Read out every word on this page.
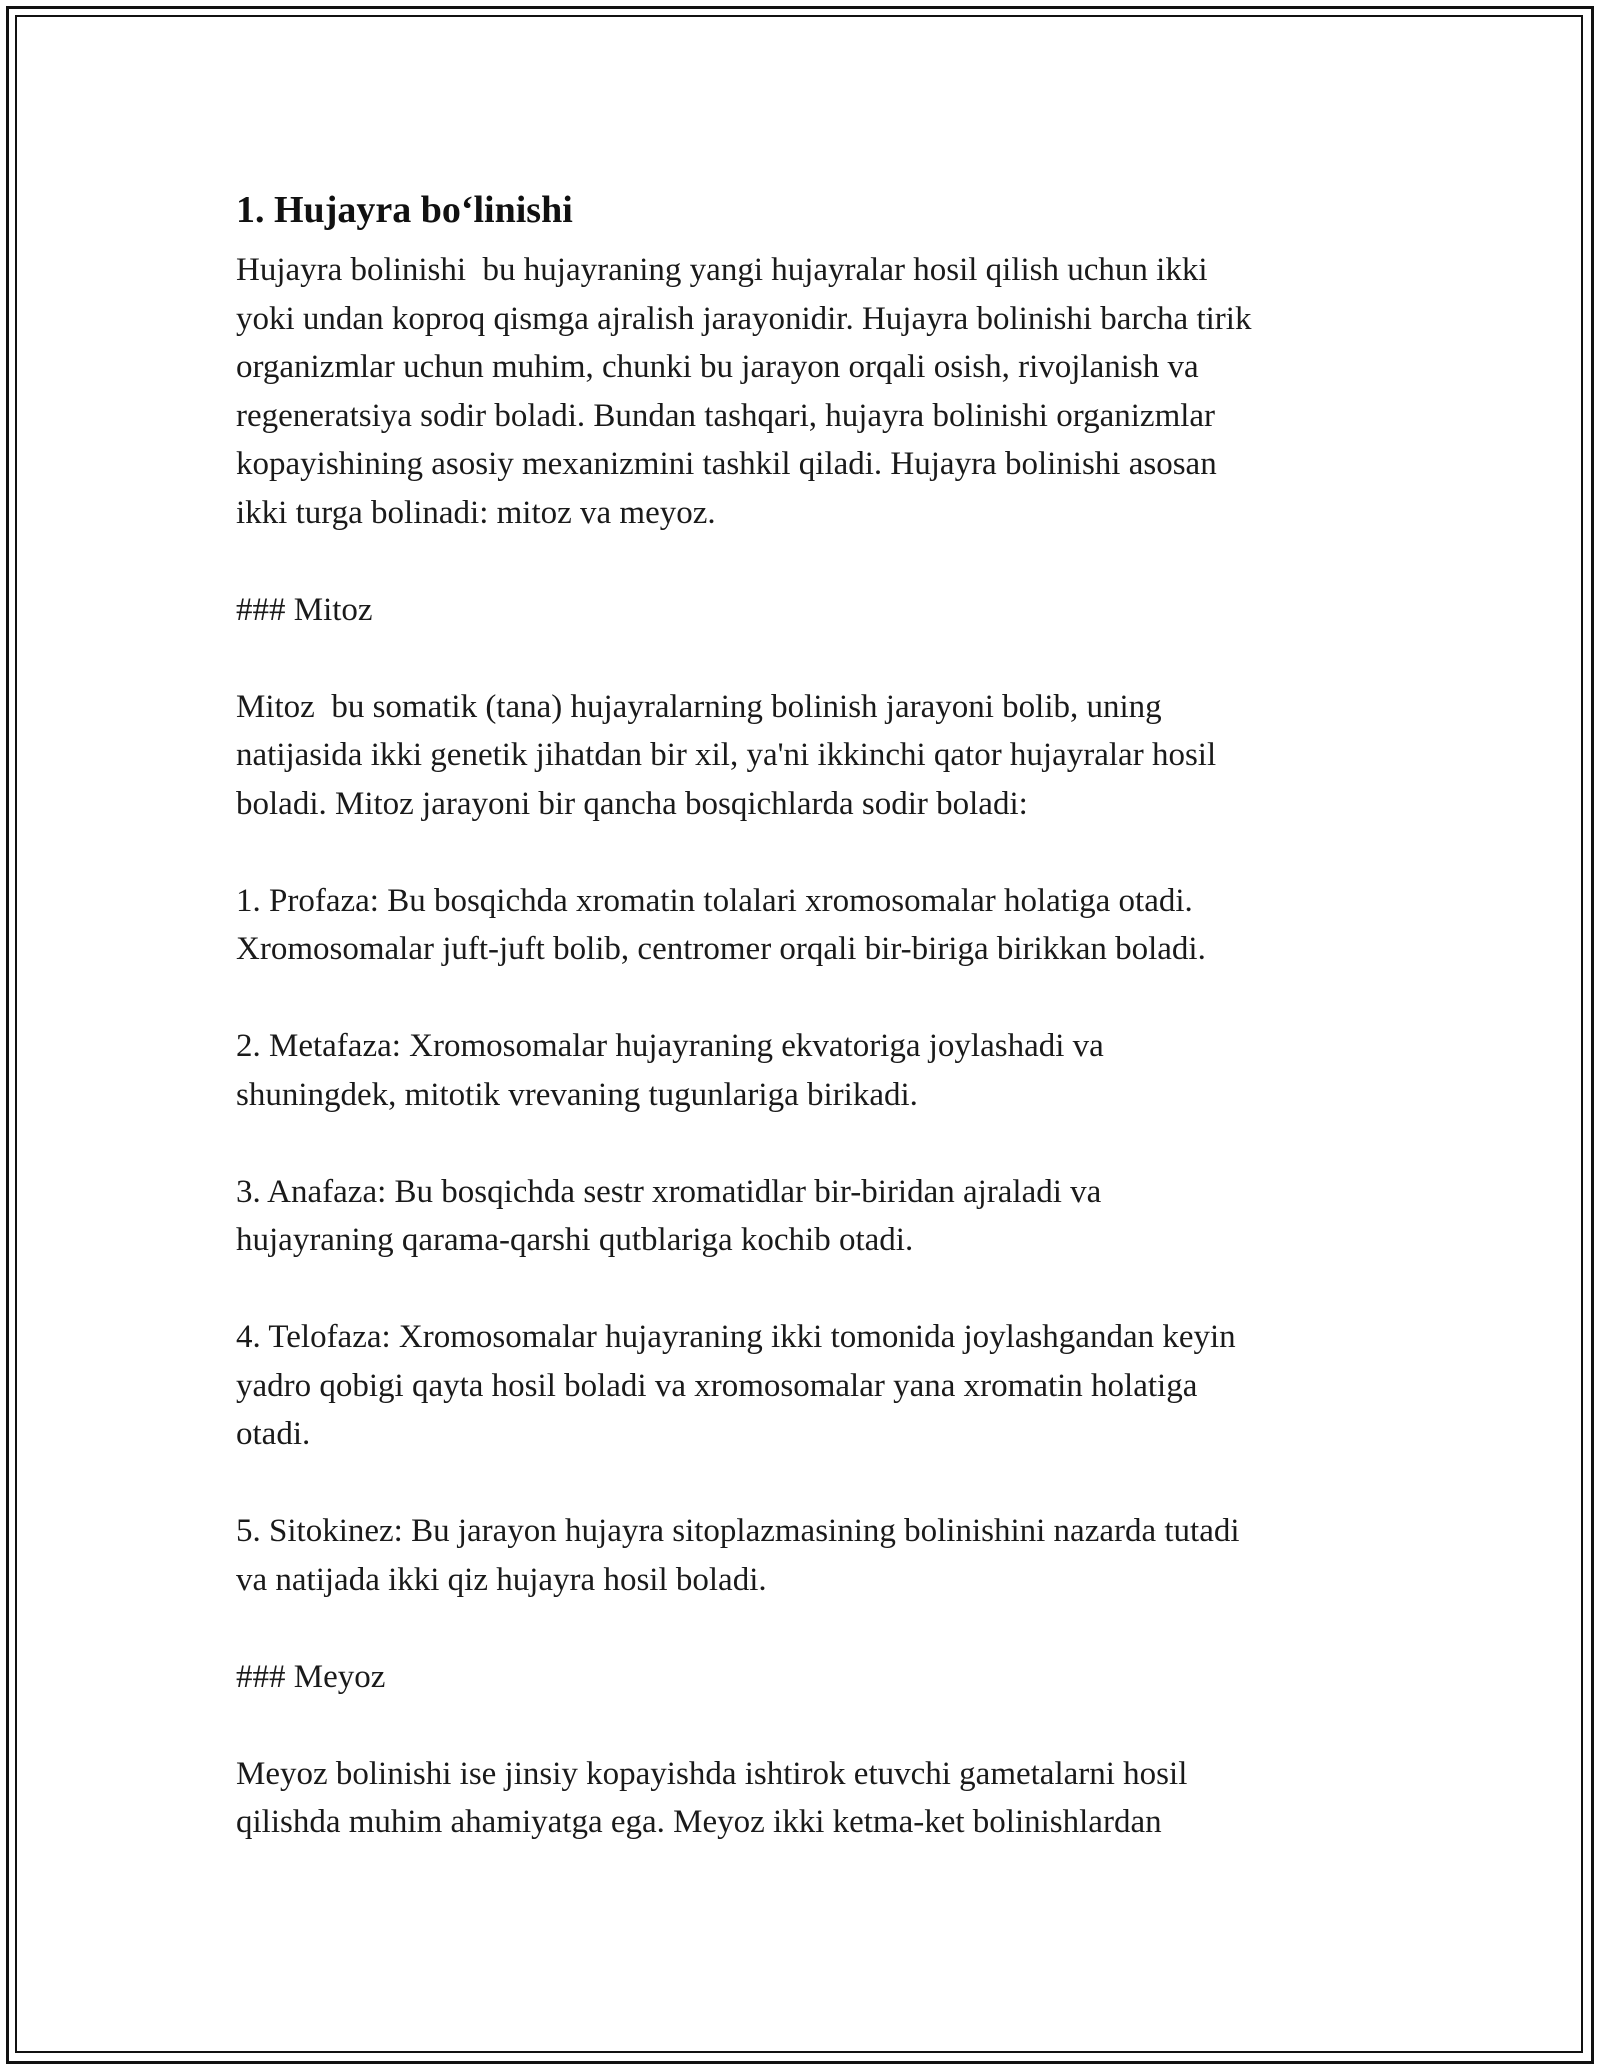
1. Hujayra bo‘linishi

Hujayra bolinishi  bu hujayraning yangi hujayralar hosil qilish uchun ikki
yoki undan koproq qismga ajralish jarayonidir. Hujayra bolinishi barcha tirik
organizmlar uchun muhim, chunki bu jarayon orqali osish, rivojlanish va
regeneratsiya sodir boladi. Bundan tashqari, hujayra bolinishi organizmlar
kopayishining asosiy mexanizmini tashkil qiladi. Hujayra bolinishi asosan
ikki turga bolinadi: mitoz va meyoz.

### Mitoz

Mitoz  bu somatik (tana) hujayralarning bolinish jarayoni bolib, uning
natijasida ikki genetik jihatdan bir xil, ya'ni ikkinchi qator hujayralar hosil
boladi. Mitoz jarayoni bir qancha bosqichlarda sodir boladi:

1. Profaza: Bu bosqichda xromatin tolalari xromosomalar holatiga otadi.
Xromosomalar juft-juft bolib, centromer orqali bir-biriga birikkan boladi.

2. Metafaza: Xromosomalar hujayraning ekvatoriga joylashadi va
shuningdek, mitotik vrevaning tugunlariga birikadi.

3. Anafaza: Bu bosqichda sestr xromatidlar bir-biridan ajraladi va
hujayraning qarama-qarshi qutblariga kochib otadi.

4. Telofaza: Xromosomalar hujayraning ikki tomonida joylashgandan keyin
yadro qobigi qayta hosil boladi va xromosomalar yana xromatin holatiga
otadi.

5. Sitokinez: Bu jarayon hujayra sitoplazmasining bolinishini nazarda tutadi
va natijada ikki qiz hujayra hosil boladi.

### Meyoz

Meyoz bolinishi ise jinsiy kopayishda ishtirok etuvchi gametalarni hosil
qilishda muhim ahamiyatga ega. Meyoz ikki ketma-ket bolinishlardan
